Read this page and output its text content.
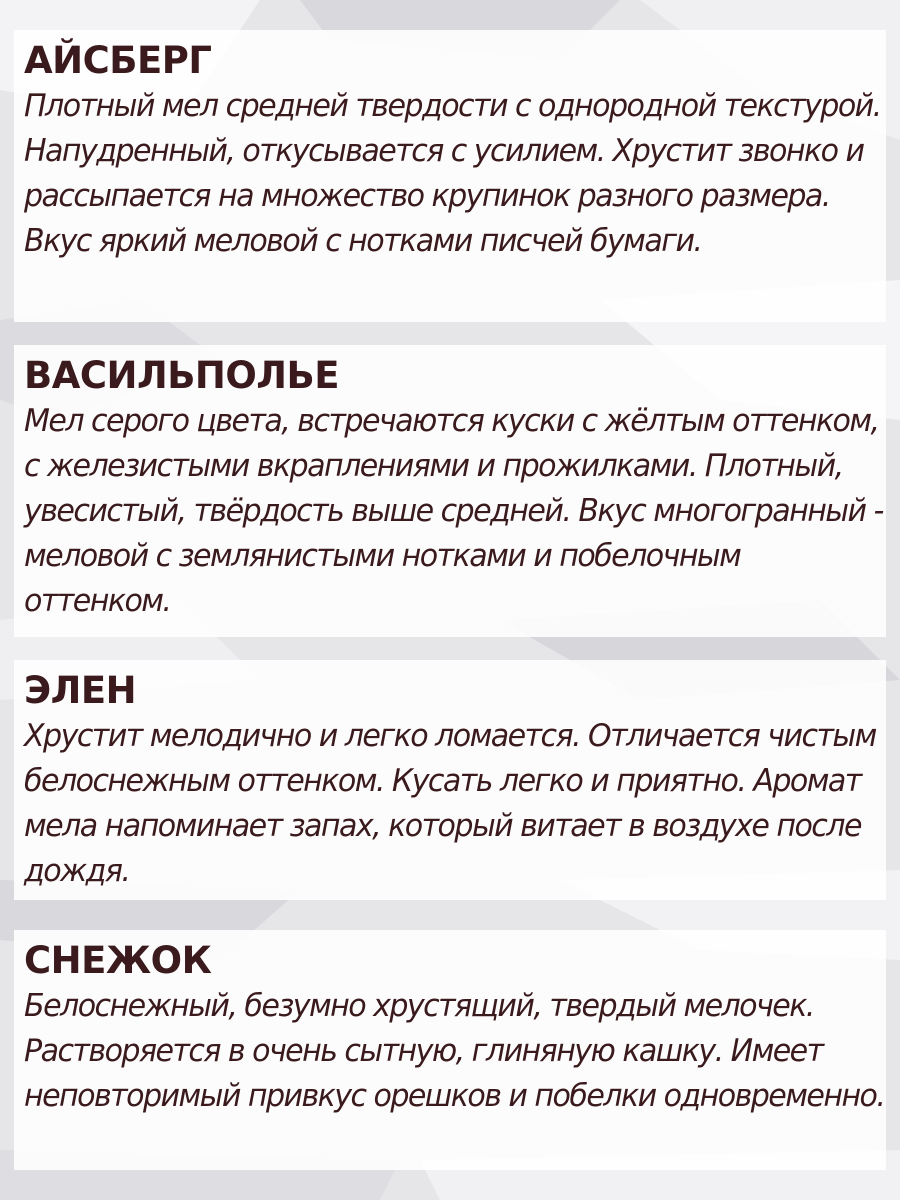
АЙСБЕРГ

Плотный мел средней твердости с однородной текстурой. Напудренный, откусывается с усилием. Хрустит звонко и рассыпается на множество крупинок разного размера. Вкус яркий меловой с нотками писчей бумаги.

ВАСИЛЬПОЛЬЕ

Мел серого цвета, встречаются куски с жёлтым оттенком, с железистыми вкраплениями и прожилками. Плотный, увесистый, твёрдость выше средней. Вкус многогранный - меловой с землянистыми нотками и побелочным оттенком.

ЭЛЕН

Хрустит мелодично и легко ломается. Отличается чистым белоснежным оттенком. Кусать легко и приятно. Аромат мела напоминает запах, который витает в воздухе после дождя.

СНЕЖОК

Белоснежный, безумно хрустящий, твердый мелочек. Растворяется в очень сытную, глиняную кашку. Имеет неповторимый привкус орешков и побелки одновременно.
